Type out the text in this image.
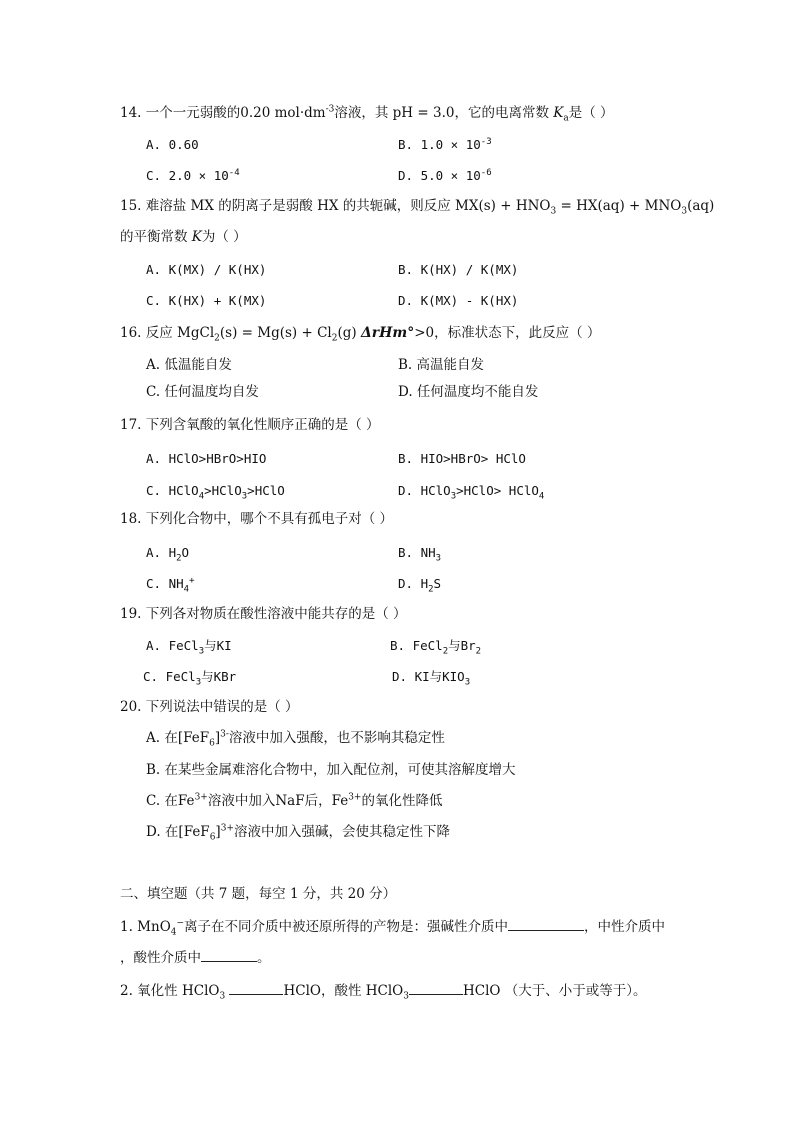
14. 一个一元弱酸的0.20 $mol\cdot dm^{-3}$溶液，其 pH = 3.0，它的电离常数 $K_a$是（ ）
A. 0.60	B. $1.0 \times 10^{-3}$
C. $2.0 \times 10^{-4}$	D. $5.0 \times 10^{-6}$
15. 难溶盐 MX 的阴离子是弱酸 HX 的共轭碱，则反应 $MX(s) + HNO_3 = HX(aq) + MNO_3(aq)$
的平衡常数 K为（ ）
A. K(MX) / K(HX)	B. K(HX) / K(MX)
C. K(HX) + K(MX)	D. K(MX) - K(HX)
16. 反应 MgCl$_2$(s) = $Mg(s) + Cl_2(g)$ ΔrHm°>0，标准状态下，此反应（ ）
A. 低温能自发	B. 高温能自发
C. 任何温度均自发	D. 任何温度均不能自发
17. 下列含氧酸的氧化性顺序正确的是（ ）
A. HClO>HBrO>HIO	B. HIO>HBrO> HClO
C. HClO$_4$>HClO$_3$>HClO	D. HClO$_3$>HClO> HClO$_4$
18. 下列化合物中，哪个不具有孤电子对（ ）
A. $H_2O$	B. $NH_3$
C. $NH_4^+$	D. $H_2S$
19. 下列各对物质在酸性溶液中能共存的是（ ）
A. FeCl$_3$与KI	B. FeCl$_2$与$Br_2$
C. FeCl$_3$与KBr	D. KI与$KIO_3$
20. 下列说法中错误的是（ ）
A. 在$[FeF_6]^{3-}$溶液中加入强酸，也不影响其稳定性
B. 在某些金属难溶化合物中，加入配位剂，可使其溶解度增大
C. 在$Fe^{3+}$溶液中加入NaF后，$Fe^{3+}$的氧化性降低
D. 在$[FeF_6]^{3+}$溶液中加入强碱，会使其稳定性下降
二、填空题（共 7 题，每空 1 分，共 20 分）
1. MnO$_4$−离子在不同介质中被还原所得的产物是：强碱性介质中	，中性介质中
，酸性介质中	。
2. 氧化性 HClO$_3$	HClO，酸性 HClO$_3$	HClO （大于、小于或等于）。
